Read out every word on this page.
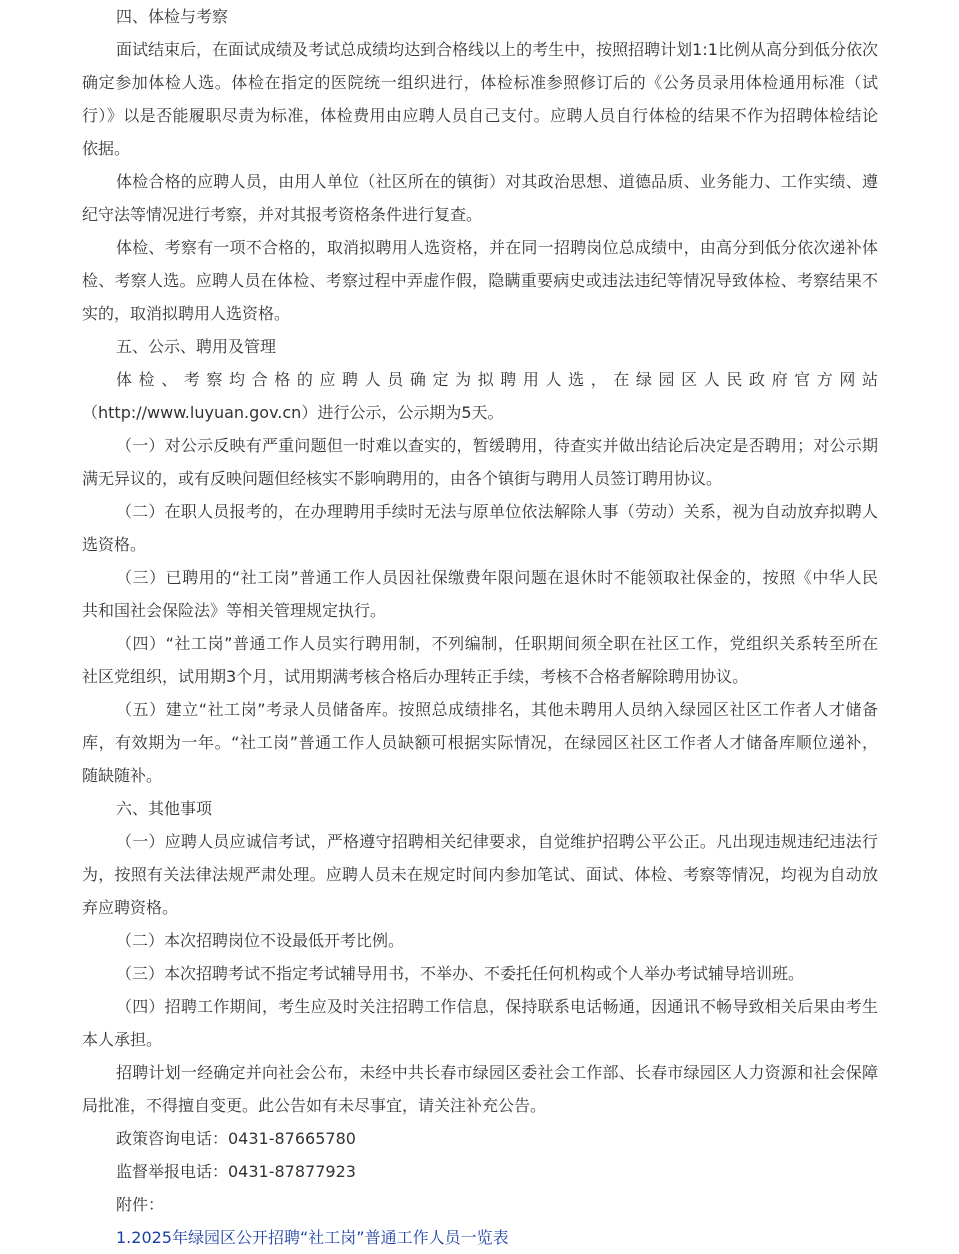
四、体检与考察
面试结束后，在面试成绩及考试总成绩均达到合格线以上的考生中，按照招聘计划1:1比例从高分到低分依次
确定参加体检人选。体检在指定的医院统一组织进行，体检标准参照修订后的《公务员录用体检通用标准（试
行）》以是否能履职尽责为标准，体检费用由应聘人员自己支付。应聘人员自行体检的结果不作为招聘体检结论
依据。
体检合格的应聘人员，由用人单位（社区所在的镇街）对其政治思想、道德品质、业务能力、工作实绩、遵
纪守法等情况进行考察，并对其报考资格条件进行复查。
体检、考察有一项不合格的，取消拟聘用人选资格，并在同一招聘岗位总成绩中，由高分到低分依次递补体
检、考察人选。应聘人员在体检、考察过程中弄虚作假，隐瞒重要病史或违法违纪等情况导致体检、考察结果不
实的，取消拟聘用人选资格。
五、公示、聘用及管理
体检、考察均合格的应聘人员确定为拟聘用人选，在绿园区人民政府官方网站
（http://www.luyuan.gov.cn）进行公示，公示期为5天。
（一）对公示反映有严重问题但一时难以查实的，暂缓聘用，待查实并做出结论后决定是否聘用；对公示期
满无异议的，或有反映问题但经核实不影响聘用的，由各个镇街与聘用人员签订聘用协议。
（二）在职人员报考的，在办理聘用手续时无法与原单位依法解除人事（劳动）关系，视为自动放弃拟聘人
选资格。
（三）已聘用的“社工岗”普通工作人员因社保缴费年限问题在退休时不能领取社保金的，按照《中华人民
共和国社会保险法》等相关管理规定执行。
（四）“社工岗”普通工作人员实行聘用制，不列编制，任职期间须全职在社区工作，党组织关系转至所在
社区党组织，试用期3个月，试用期满考核合格后办理转正手续，考核不合格者解除聘用协议。
（五）建立“社工岗”考录人员储备库。按照总成绩排名，其他未聘用人员纳入绿园区社区工作者人才储备
库，有效期为一年。“社工岗”普通工作人员缺额可根据实际情况，在绿园区社区工作者人才储备库顺位递补，
随缺随补。
六、其他事项
（一）应聘人员应诚信考试，严格遵守招聘相关纪律要求，自觉维护招聘公平公正。凡出现违规违纪违法行
为，按照有关法律法规严肃处理。应聘人员未在规定时间内参加笔试、面试、体检、考察等情况，均视为自动放
弃应聘资格。
（二）本次招聘岗位不设最低开考比例。
（三）本次招聘考试不指定考试辅导用书，不举办、不委托任何机构或个人举办考试辅导培训班。
（四）招聘工作期间，考生应及时关注招聘工作信息，保持联系电话畅通，因通讯不畅导致相关后果由考生
本人承担。
招聘计划一经确定并向社会公布，未经中共长春市绿园区委社会工作部、长春市绿园区人力资源和社会保障
局批准，不得擅自变更。此公告如有未尽事宜，请关注补充公告。
政策咨询电话：0431-87665780
监督举报电话：0431-87877923
附件：
1.2025年绿园区公开招聘“社工岗”普通工作人员一览表
